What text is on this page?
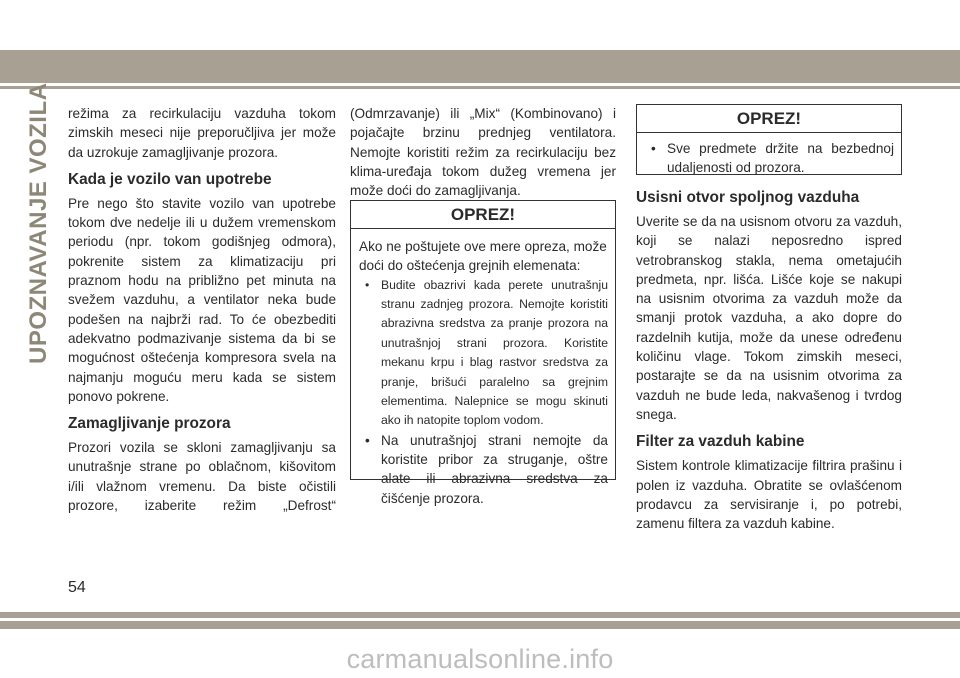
UPOZNAVANJE VOZILA režima za recirkulaciju vazduha tokom zimskih meseci nije preporučljiva jer može da uzrokuje zamagljivanje prozora.

Kada je vozilo van upotrebe

Pre nego što stavite vozilo van upotrebe tokom dve nedelje ili u dužem vremenskom periodu (npr. tokom godišnjeg odmora), pokrenite sistem za klimatizaciju pri praznom hodu na približno pet minuta na svežem vazduhu, a ventilator neka bude podešen na najbrži rad. To će obezbediti adekvatno podmazivanje sistema da bi se mogućnost oštećenja kompresora svela na najmanju moguću meru kada se sistem ponovo pokrene.

Zamagljivanje prozora

Prozori vozila se skloni zamagljivanju sa unutrašnje strane po oblačnom, kišovitom i/ili vlažnom vremenu. Da biste očistili prozore, izaberite režim „Defrost“

(Odmrzavanje) ili „Mix“ (Kombinovano) i pojačajte brzinu prednjeg ventilatora. Nemojte koristiti režim za recirkulaciju bez klima-uređaja tokom dužeg vremena jer može doći do zamagljivanja.

OPREZ!

Ako ne poštujete ove mere opreza, može doći do oštećenja grejnih elemenata:

• Budite obazrivi kada perete unutrašnju stranu zadnjeg prozora. Nemojte koristiti abrazivna sredstva za pranje prozora na unutrašnjoj strani prozora. Koristite mekanu krpu i blag rastvor sredstva za pranje, brišući paralelno sa grejnim elementima. Nalepnice se mogu skinuti ako ih natopite toplom vodom.
• Na unutrašnjoj strani nemojte da koristite pribor za struganje, oštre alate ili abrazivna sredstva za čišćenje prozora.
OPREZ!
• Sve predmete držite na bezbednoj udaljenosti od prozora.
Usisni otvor spoljnog vazduha

Uverite se da na usisnom otvoru za vazduh, koji se nalazi neposredno ispred vetrobranskog stakla, nema ometajućih predmeta, npr. lišća. Lišće koje se nakupi na usisnim otvorima za vazduh može da smanji protok vazduha, a ako dopre do razdelnih kutija, može da unese određenu količinu vlage. Tokom zimskih meseci, postarajte se da na usisnim otvorima za vazduh ne bude leda, nakvašenog i tvrdog snega.

Filter za vazduh kabine

Sistem kontrole klimatizacije filtrira prašinu i polen iz vazduha. Obratite se ovlašćenom prodavcu za servisiranje i, po potrebi, zamenu filtera za vazduh kabine.

54
carmanualsonline.info
